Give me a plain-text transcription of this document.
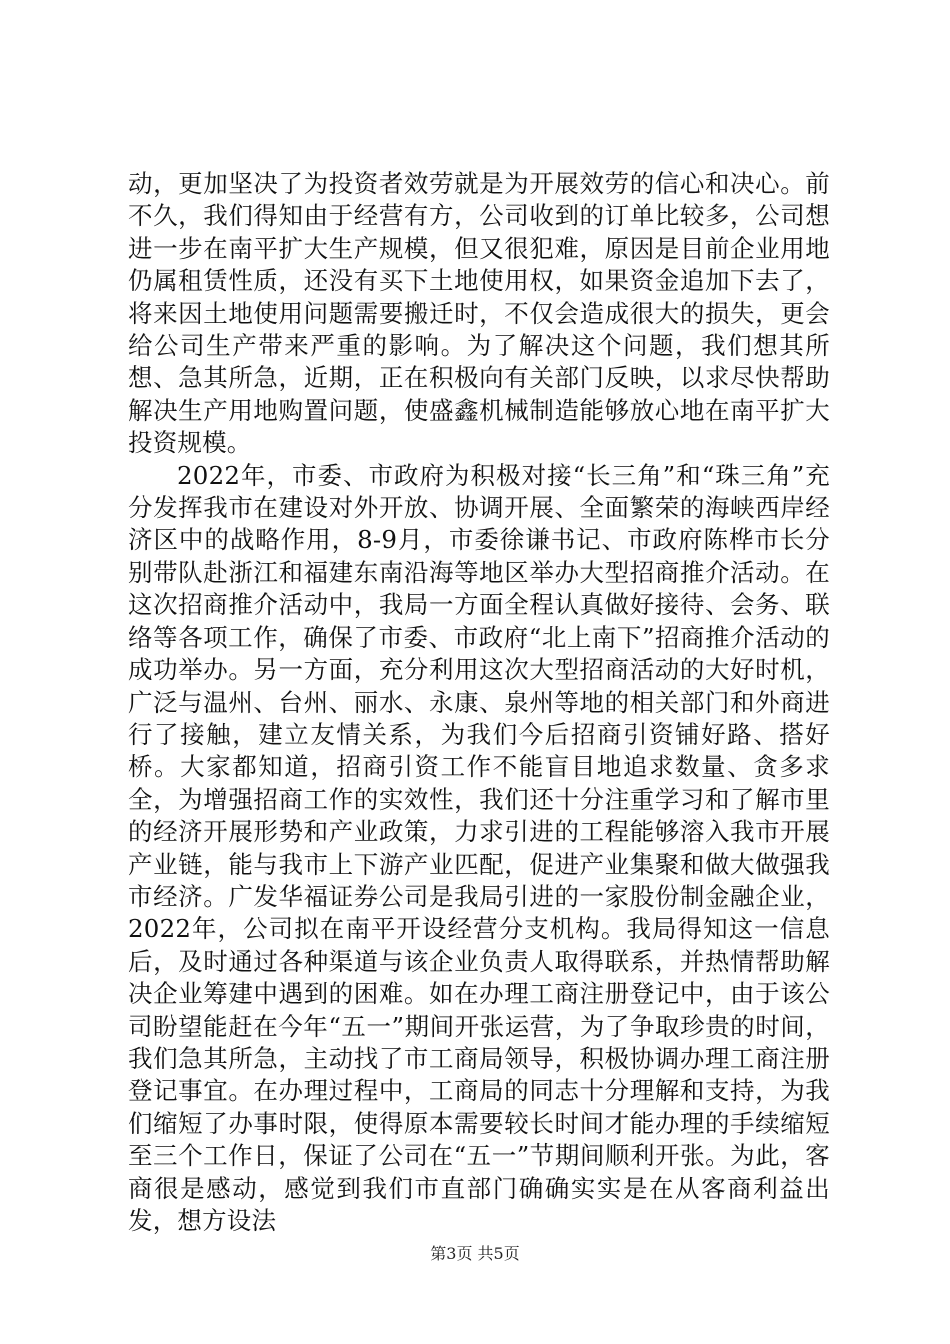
动，更加坚决了为投资者效劳就是为开展效劳的信心和决心。前不久，我们得知由于经营有方，公司收到的订单比较多，公司想进一步在南平扩大生产规模，但又很犯难，原因是目前企业用地仍属租赁性质，还没有买下土地使用权，如果资金追加下去了，将来因土地使用问题需要搬迁时，不仅会造成很大的损失，更会给公司生产带来严重的影响。为了解决这个问题，我们想其所想、急其所急，近期，正在积极向有关部门反映，以求尽快帮助解决生产用地购置问题，使盛鑫机械制造能够放心地在南平扩大投资规模。

2022年，市委、市政府为积极对接“长三角”和“珠三角”充分发挥我市在建设对外开放、协调开展、全面繁荣的海峡西岸经济区中的战略作用，8-9月，市委徐谦书记、市政府陈桦市长分别带队赴浙江和福建东南沿海等地区举办大型招商推介活动。在这次招商推介活动中，我局一方面全程认真做好接待、会务、联络等各项工作，确保了市委、市政府“北上南下”招商推介活动的成功举办。另一方面，充分利用这次大型招商活动的大好时机，广泛与温州、台州、丽水、永康、泉州等地的相关部门和外商进行了接触，建立友情关系，为我们今后招商引资铺好路、搭好桥。大家都知道，招商引资工作不能盲目地追求数量、贪多求全，为增强招商工作的实效性，我们还十分注重学习和了解市里的经济开展形势和产业政策，力求引进的工程能够溶入我市开展产业链，能与我市上下游产业匹配，促进产业集聚和做大做强我市经济。广发华福证券公司是我局引进的一家股份制金融企业，2022年，公司拟在南平开设经营分支机构。我局得知这一信息后，及时通过各种渠道与该企业负责人取得联系，并热情帮助解决企业筹建中遇到的困难。如在办理工商注册登记中，由于该公司盼望能赶在今年“五一”期间开张运营，为了争取珍贵的时间，我们急其所急，主动找了市工商局领导，积极协调办理工商注册登记事宜。在办理过程中，工商局的同志十分理解和支持，为我们缩短了办事时限，使得原本需要较长时间才能办理的手续缩短至三个工作日，保证了公司在“五一”节期间顺利开张。为此，客商很是感动，感觉到我们市直部门确确实实是在从客商利益出发，想方设法

第3页 共5页
